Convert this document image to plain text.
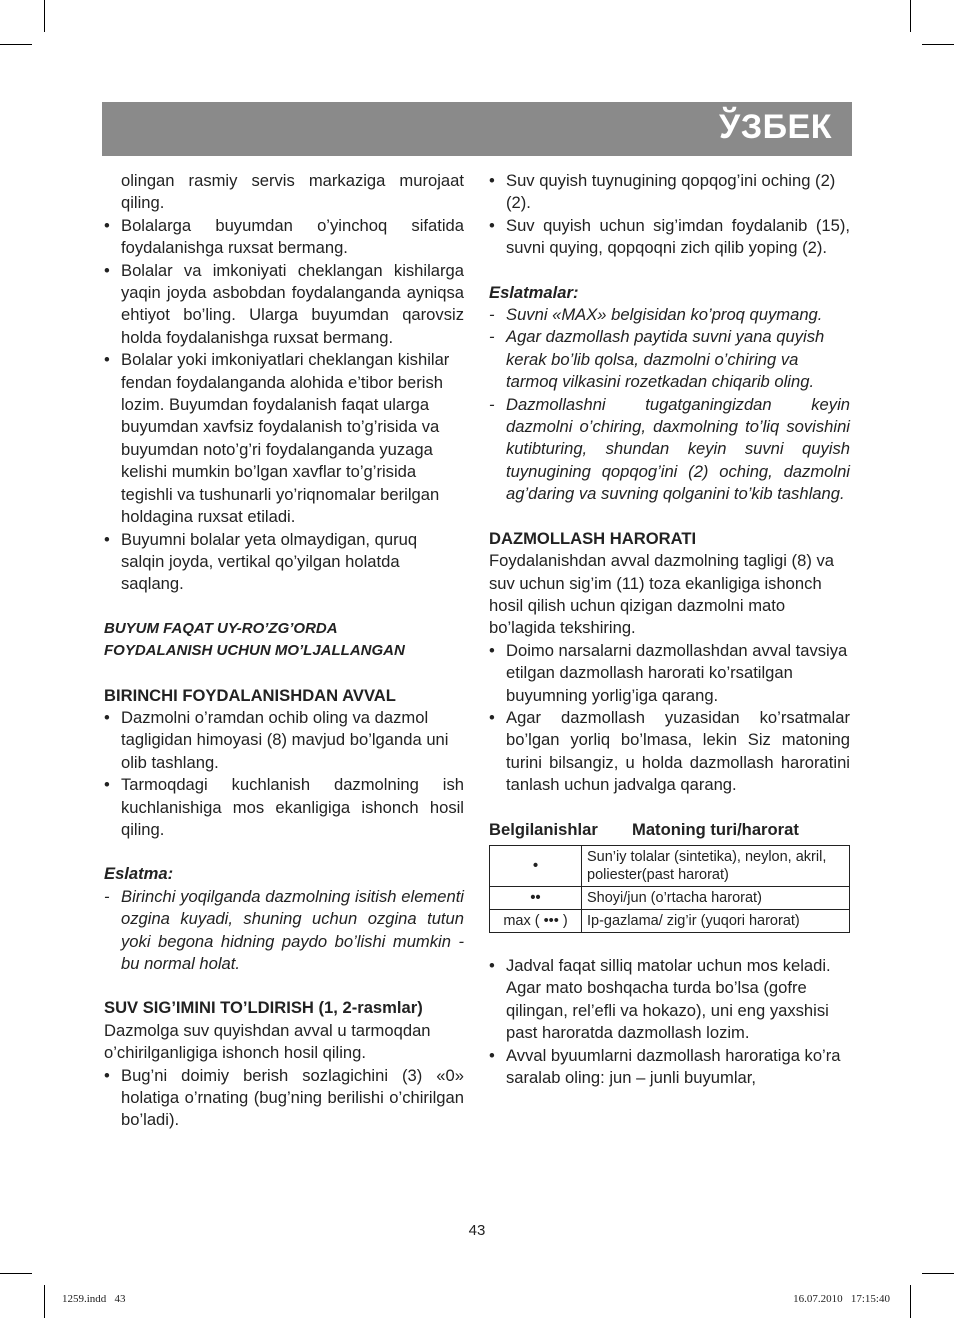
ЎЗБЕК

olingan rasmiy servis markaziga murojaat qiling.

• Bolalarga buyumdan o’yinchoq sifatida foydalanishga ruxsat bermang.

• Bolalar va imkoniyati cheklangan kishilarga yaqin joyda asbobdan foydalanganda ayniqsa ehtiyot bo’ling. Ularga buyumdan qarovsiz holda foydalanishga ruxsat bermang.

• Bolalar yoki imkoniyatlari cheklangan kishilar fendan foydalanganda alohida e’tibor berish lozim. Buyumdan foydalanish faqat ularga buyumdan xavfsiz foydalanish to’g’risida va buyumdan noto’g’ri foydalanganda yuzaga kelishi mumkin bo’lgan xavflar to’g’risida tegishli va tushunarli yo’riqnomalar berilgan holdagina ruxsat etiladi.

• Buyumni bolalar yeta olmaydigan, quruq salqin joyda, vertikal qo’yilgan holatda saqlang.

BUYUM FAQAT UY-RO’ZG’ORDA

FOYDALANISH UCHUN MO’LJALLANGAN

BIRINCHI FOYDALANISHDAN AVVAL

• Dazmolni o’ramdan ochib oling va dazmol tagligidan himoyasi (8) mavjud bo’lganda uni olib tashlang.

• Tarmoqdagi kuchlanish dazmolning ish kuchlanishiga mos ekanligiga ishonch hosil qiling.

Eslatma:

- Birinchi yoqilganda dazmolning isitish elementi ozgina kuyadi, shuning uchun ozgina tutun yoki begona hidning paydo bo’lishi mumkin - bu normal holat.

SUV SIG’IMINI TO’LDIRISH (1, 2-rasmlar)

Dazmolga suv quyishdan avval u tarmoqdan o’chirilganligiga ishonch hosil qiling.

• Bug’ni doimiy berish sozlagichini (3) «0» holatiga o’rnating (bug’ning berilishi o’chirilgan bo’ladi).

• Suv quyish tuynugining qopqog’ini oching (2) (2).

• Suv quyish uchun sig’imdan foydalanib (15), suvni quying, qopqoqni zich qilib yoping (2).

Eslatmalar:

- Suvni «MAX» belgisidan ko’proq quymang.

- Agar dazmollash paytida suvni yana quyish kerak bo’lib qolsa, dazmolni o’chiring va tarmoq vilkasini rozetkadan chiqarib oling.

- Dazmollashni tugatganingizdan keyin dazmolni o’chiring, daxmolning to’liq sovishini kutibturing, shundan keyin suvni quyish tuynugining qopqog’ini (2) oching, dazmolni ag’daring va suvning qolganini to’kib tashlang.

DAZMOLLASH HARORATI

Foydalanishdan avval dazmolning tagligi (8) va suv uchun sig’im (11) toza ekanligiga ishonch hosil qilish uchun qizigan dazmolni mato bo’lagida tekshiring.

• Doimo narsalarni dazmollashdan avval tavsiya etilgan dazmollash harorati ko’rsatilgan buyumning yorlig’iga qarang.

• Agar dazmollash yuzasidan ko’rsatmalar bo’lgan yorliq bo’lmasa, lekin Siz matoning turini bilsangiz, u holda dazmollash haroratini tanlash uchun jadvalga qarang.

Belgilanishlar	Matoning turi/harorat
•	Sun’iy tolalar (sintetika), neylon, akril, poliester(past harorat)
••	Shoyi/jun (o’rtacha harorat)
max ( ••• )	Ip-gazlama/ zig’ir (yuqori harorat)

• Jadval faqat silliq matolar uchun mos keladi. Agar mato boshqacha turda bo’lsa (gofre qilingan, rel’efli va hokazo), uni eng yaxshisi past haroratda dazmollash lozim.

• Avval byuumlarni dazmollash haroratiga ko’ra saralab oling: jun – junli buyumlar,

43
1259.indd   43	16.07.2010   17:15:40
